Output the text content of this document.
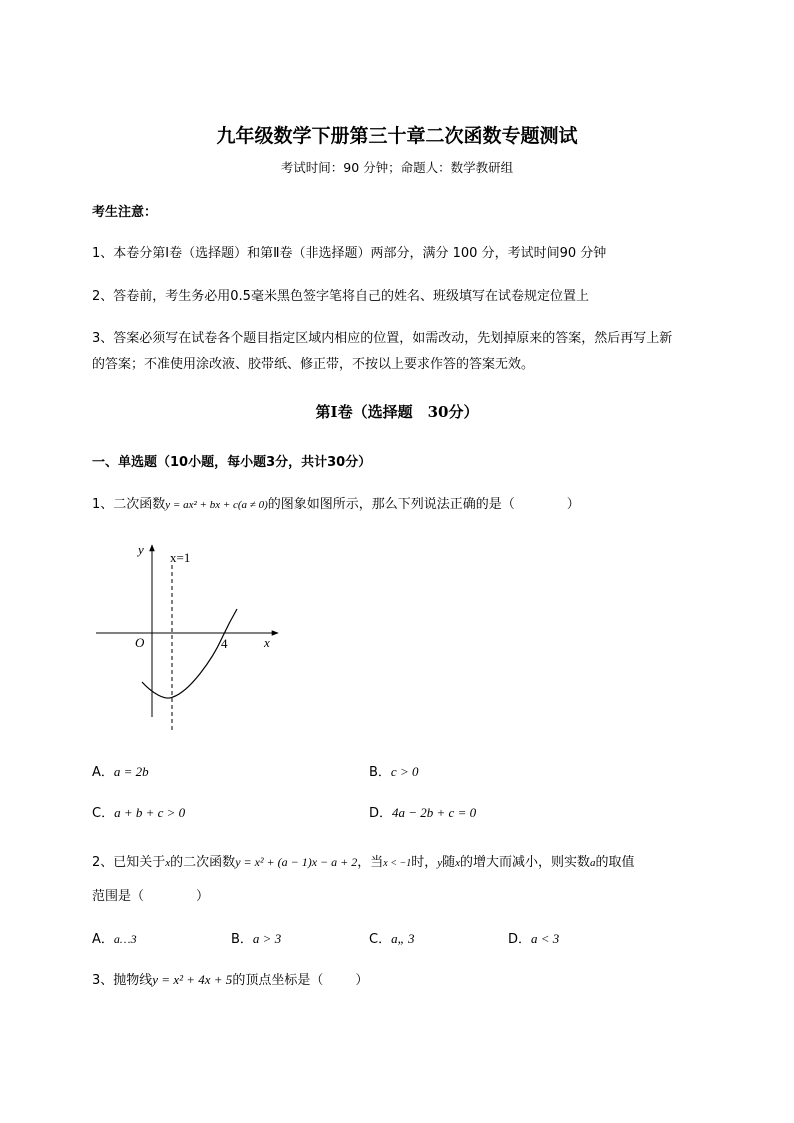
九年级数学下册第三十章二次函数专题测试
考试时间：90 分钟；命题人：数学教研组
考生注意：
1、本卷分第Ⅰ卷（选择题）和第Ⅱ卷（非选择题）两部分，满分 100 分，考试时间90 分钟
2、答卷前，考生务必用0.5毫米黑色签字笔将自己的姓名、班级填写在试卷规定位置上
3、答案必须写在试卷各个题目指定区域内相应的位置，如需改动，先划掉原来的答案，然后再写上新
的答案；不准使用涂改液、胶带纸、修正带，不按以上要求作答的答案无效。
第Ⅰ卷（选择题　30分）
一、单选题（10小题，每小题3分，共计30分）
1、二次函数y = ax² + bx + c(a ≠ 0)的图象如图所示，那么下列说法正确的是（	）
y
x
x=1
O	4
A．a = 2b	B．c > 0
C．a + b + c > 0	D．4a − 2b + c = 0
2、已知关于x的二次函数y = x² + (a − 1)x − a + 2，当x < −1时，y随x的增大而减小，则实数a的取值
范围是（	）
A．a…3	B．a > 3	C．a„ 3	D．a < 3
3、抛物线y = x² + 4x + 5的顶点坐标是（ ）
